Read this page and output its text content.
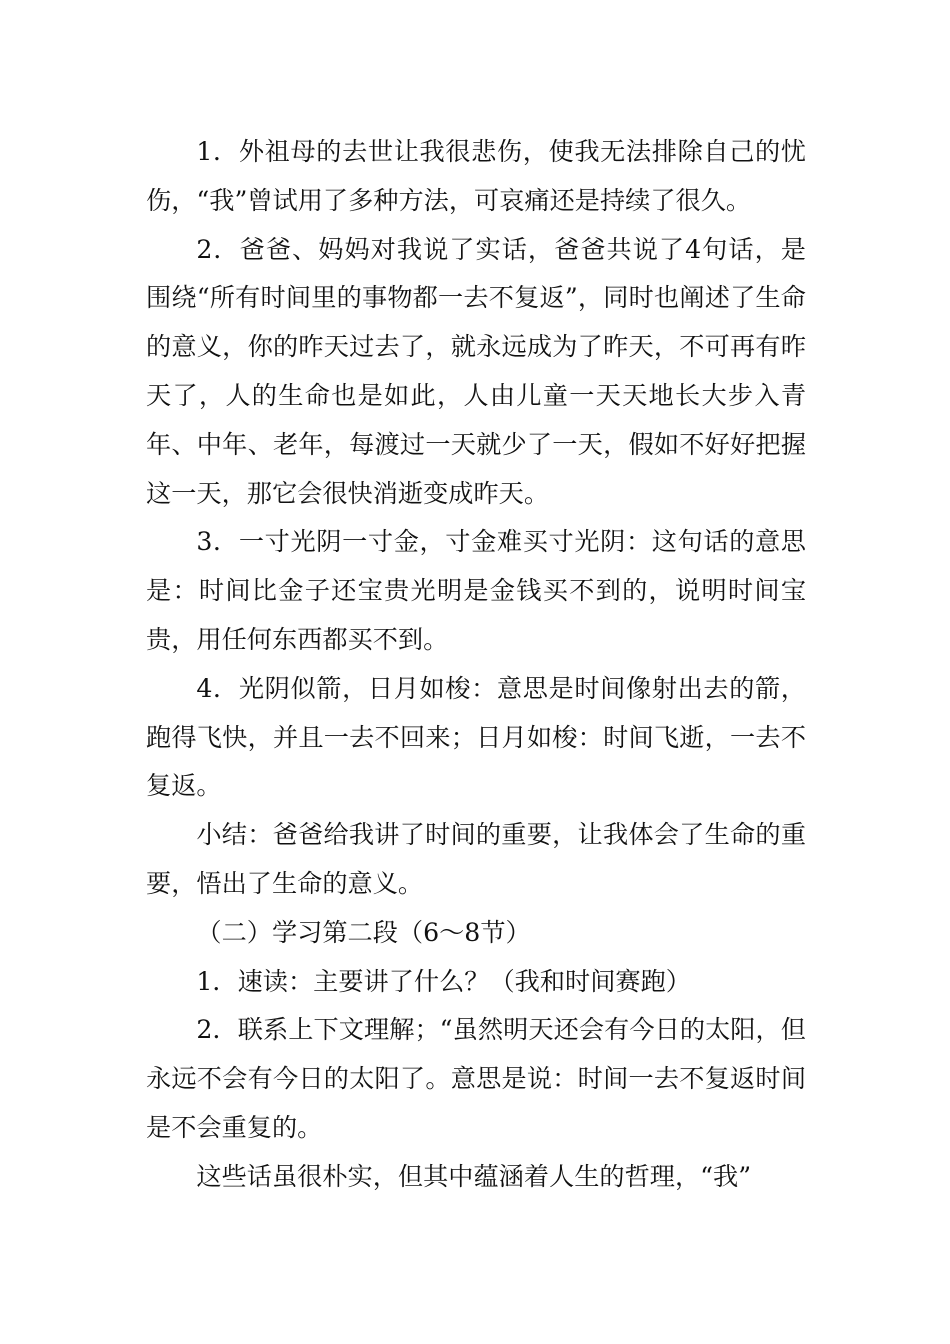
1．外祖母的去世让我很悲伤，使我无法排除自己的忧伤，“我”曾试用了多种方法，可哀痛还是持续了很久。

2．爸爸、妈妈对我说了实话，爸爸共说了4句话，是围绕“所有时间里的事物都一去不复返”，同时也阐述了生命的意义，你的昨天过去了，就永远成为了昨天，不可再有昨天了，人的生命也是如此，人由儿童一天天地长大步入青年、中年、老年，每渡过一天就少了一天，假如不好好把握这一天，那它会很快消逝变成昨天。

3．一寸光阴一寸金，寸金难买寸光阴：这句话的意思是：时间比金子还宝贵光明是金钱买不到的，说明时间宝贵，用任何东西都买不到。

4．光阴似箭，日月如梭：意思是时间像射出去的箭，跑得飞快，并且一去不回来；日月如梭：时间飞逝，一去不复返。

小结：爸爸给我讲了时间的重要，让我体会了生命的重要，悟出了生命的意义。

（二）学习第二段（6～8节）

1．速读：主要讲了什么？（我和时间赛跑）

2．联系上下文理解；“虽然明天还会有今日的太阳，但永远不会有今日的太阳了。意思是说：时间一去不复返时间是不会重复的。

这些话虽很朴实，但其中蕴涵着人生的哲理，“我”
